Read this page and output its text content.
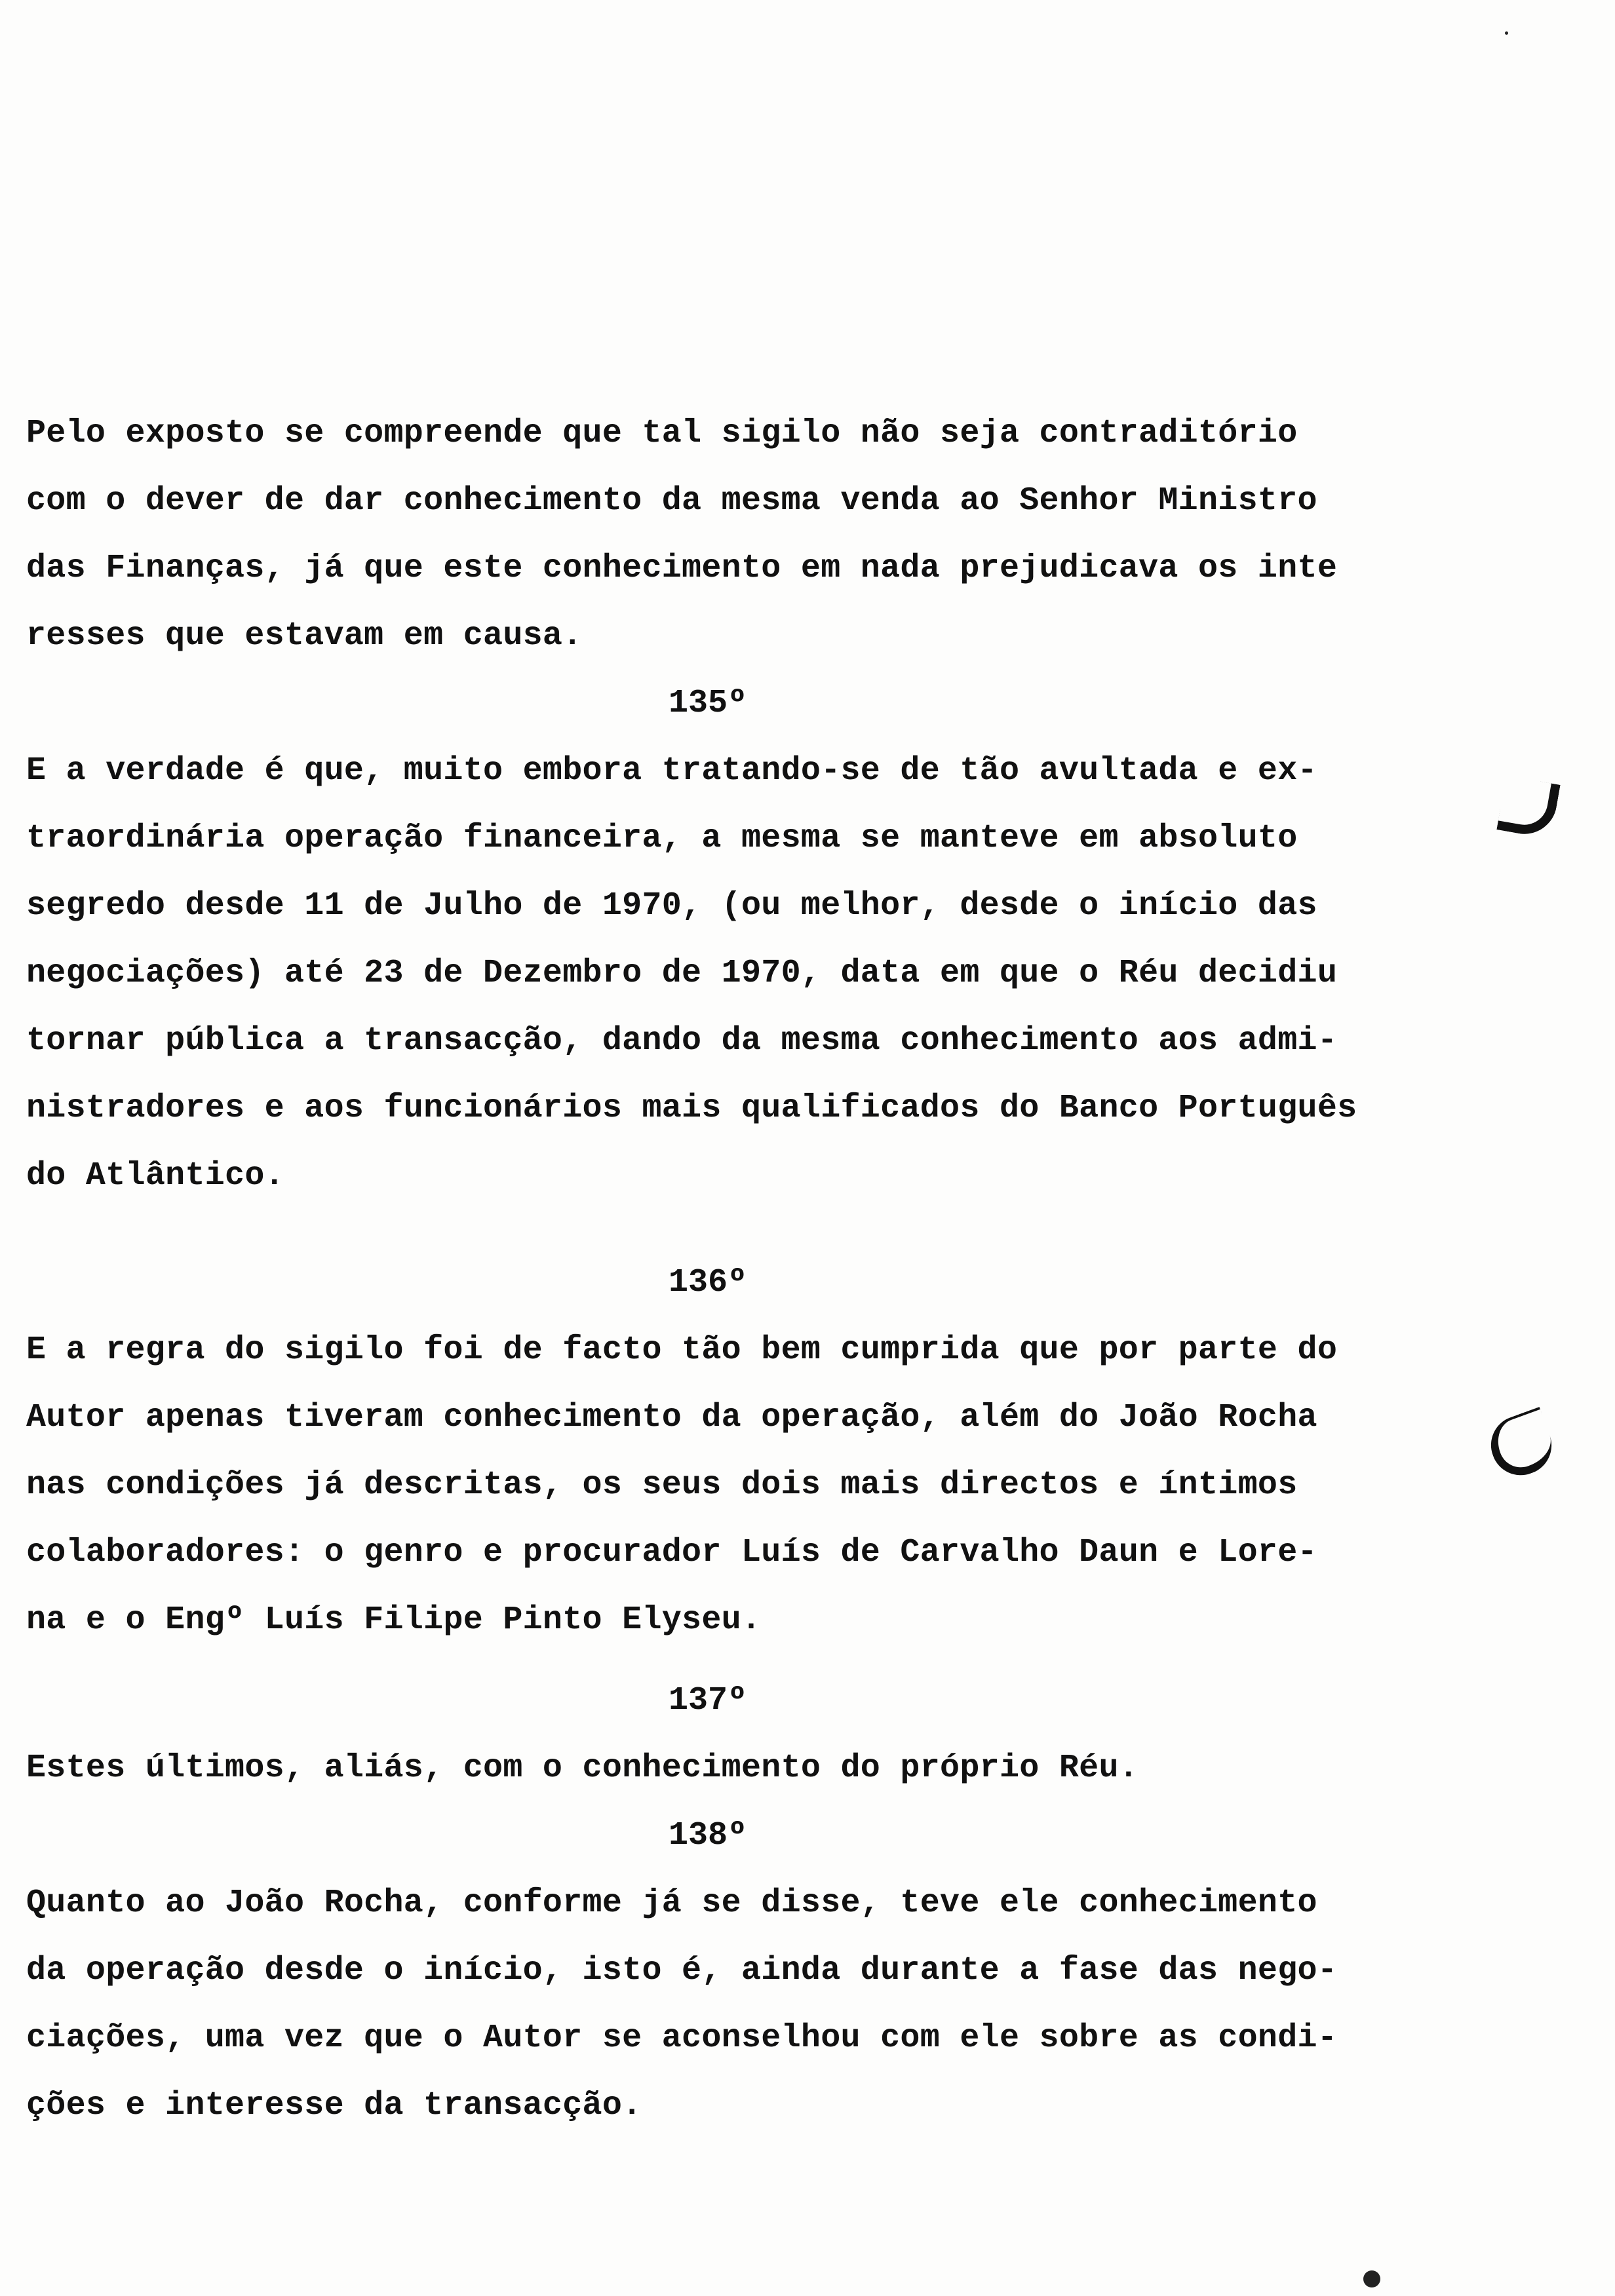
Pelo exposto se compreende que tal sigilo não seja contraditório
com o dever de dar conhecimento da mesma venda ao Senhor Ministro
das Finanças, já que este conhecimento em nada prejudicava os inte
resses que estavam em causa.
135º
E a verdade é que, muito embora tratando-se de tão avultada e ex-
traordinária operação financeira, a mesma se manteve em absoluto
segredo desde 11 de Julho de 1970, (ou melhor, desde o início das
negociações) até 23 de Dezembro de 1970, data em que o Réu decidiu
tornar pública a transacção, dando da mesma conhecimento aos admi-
nistradores e aos funcionários mais qualificados do Banco Português
do Atlântico.
136º
E a regra do sigilo foi de facto tão bem cumprida que por parte do
Autor apenas tiveram conhecimento da operação, além do João Rocha
nas condições já descritas, os seus dois mais directos e íntimos
colaboradores: o genro e procurador Luís de Carvalho Daun e Lore-
na e o Engº Luís Filipe Pinto Elyseu.
137º
Estes últimos, aliás, com o conhecimento do próprio Réu.
138º
Quanto ao João Rocha, conforme já se disse, teve ele conhecimento
da operação desde o início, isto é, ainda durante a fase das nego-
ciações, uma vez que o Autor se aconselhou com ele sobre as condi-
ções e interesse da transacção.
